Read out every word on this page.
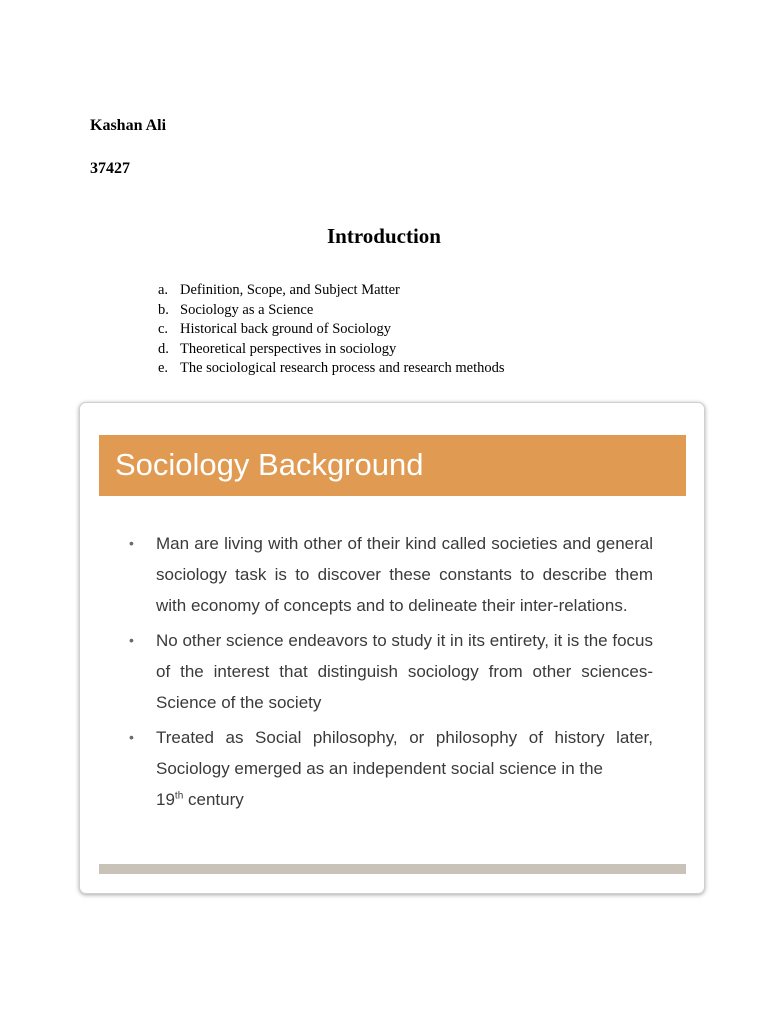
Kashan Ali
37427
Introduction
a. Definition, Scope, and Subject Matter
b. Sociology as a Science
c. Historical back ground of Sociology
d. Theoretical perspectives in sociology
e. The sociological research process and research methods
Sociology Background
• Man are living with other of their kind called societies and general sociology task is to discover these constants to describe them with economy of concepts and to delineate their inter-relations.
• No other science endeavors to study it in its entirety, it is the focus of the interest that distinguish sociology from other sciences- Science of the society
• Treated as Social philosophy, or philosophy of history later, Sociology emerged as an independent social science in the
19th century
